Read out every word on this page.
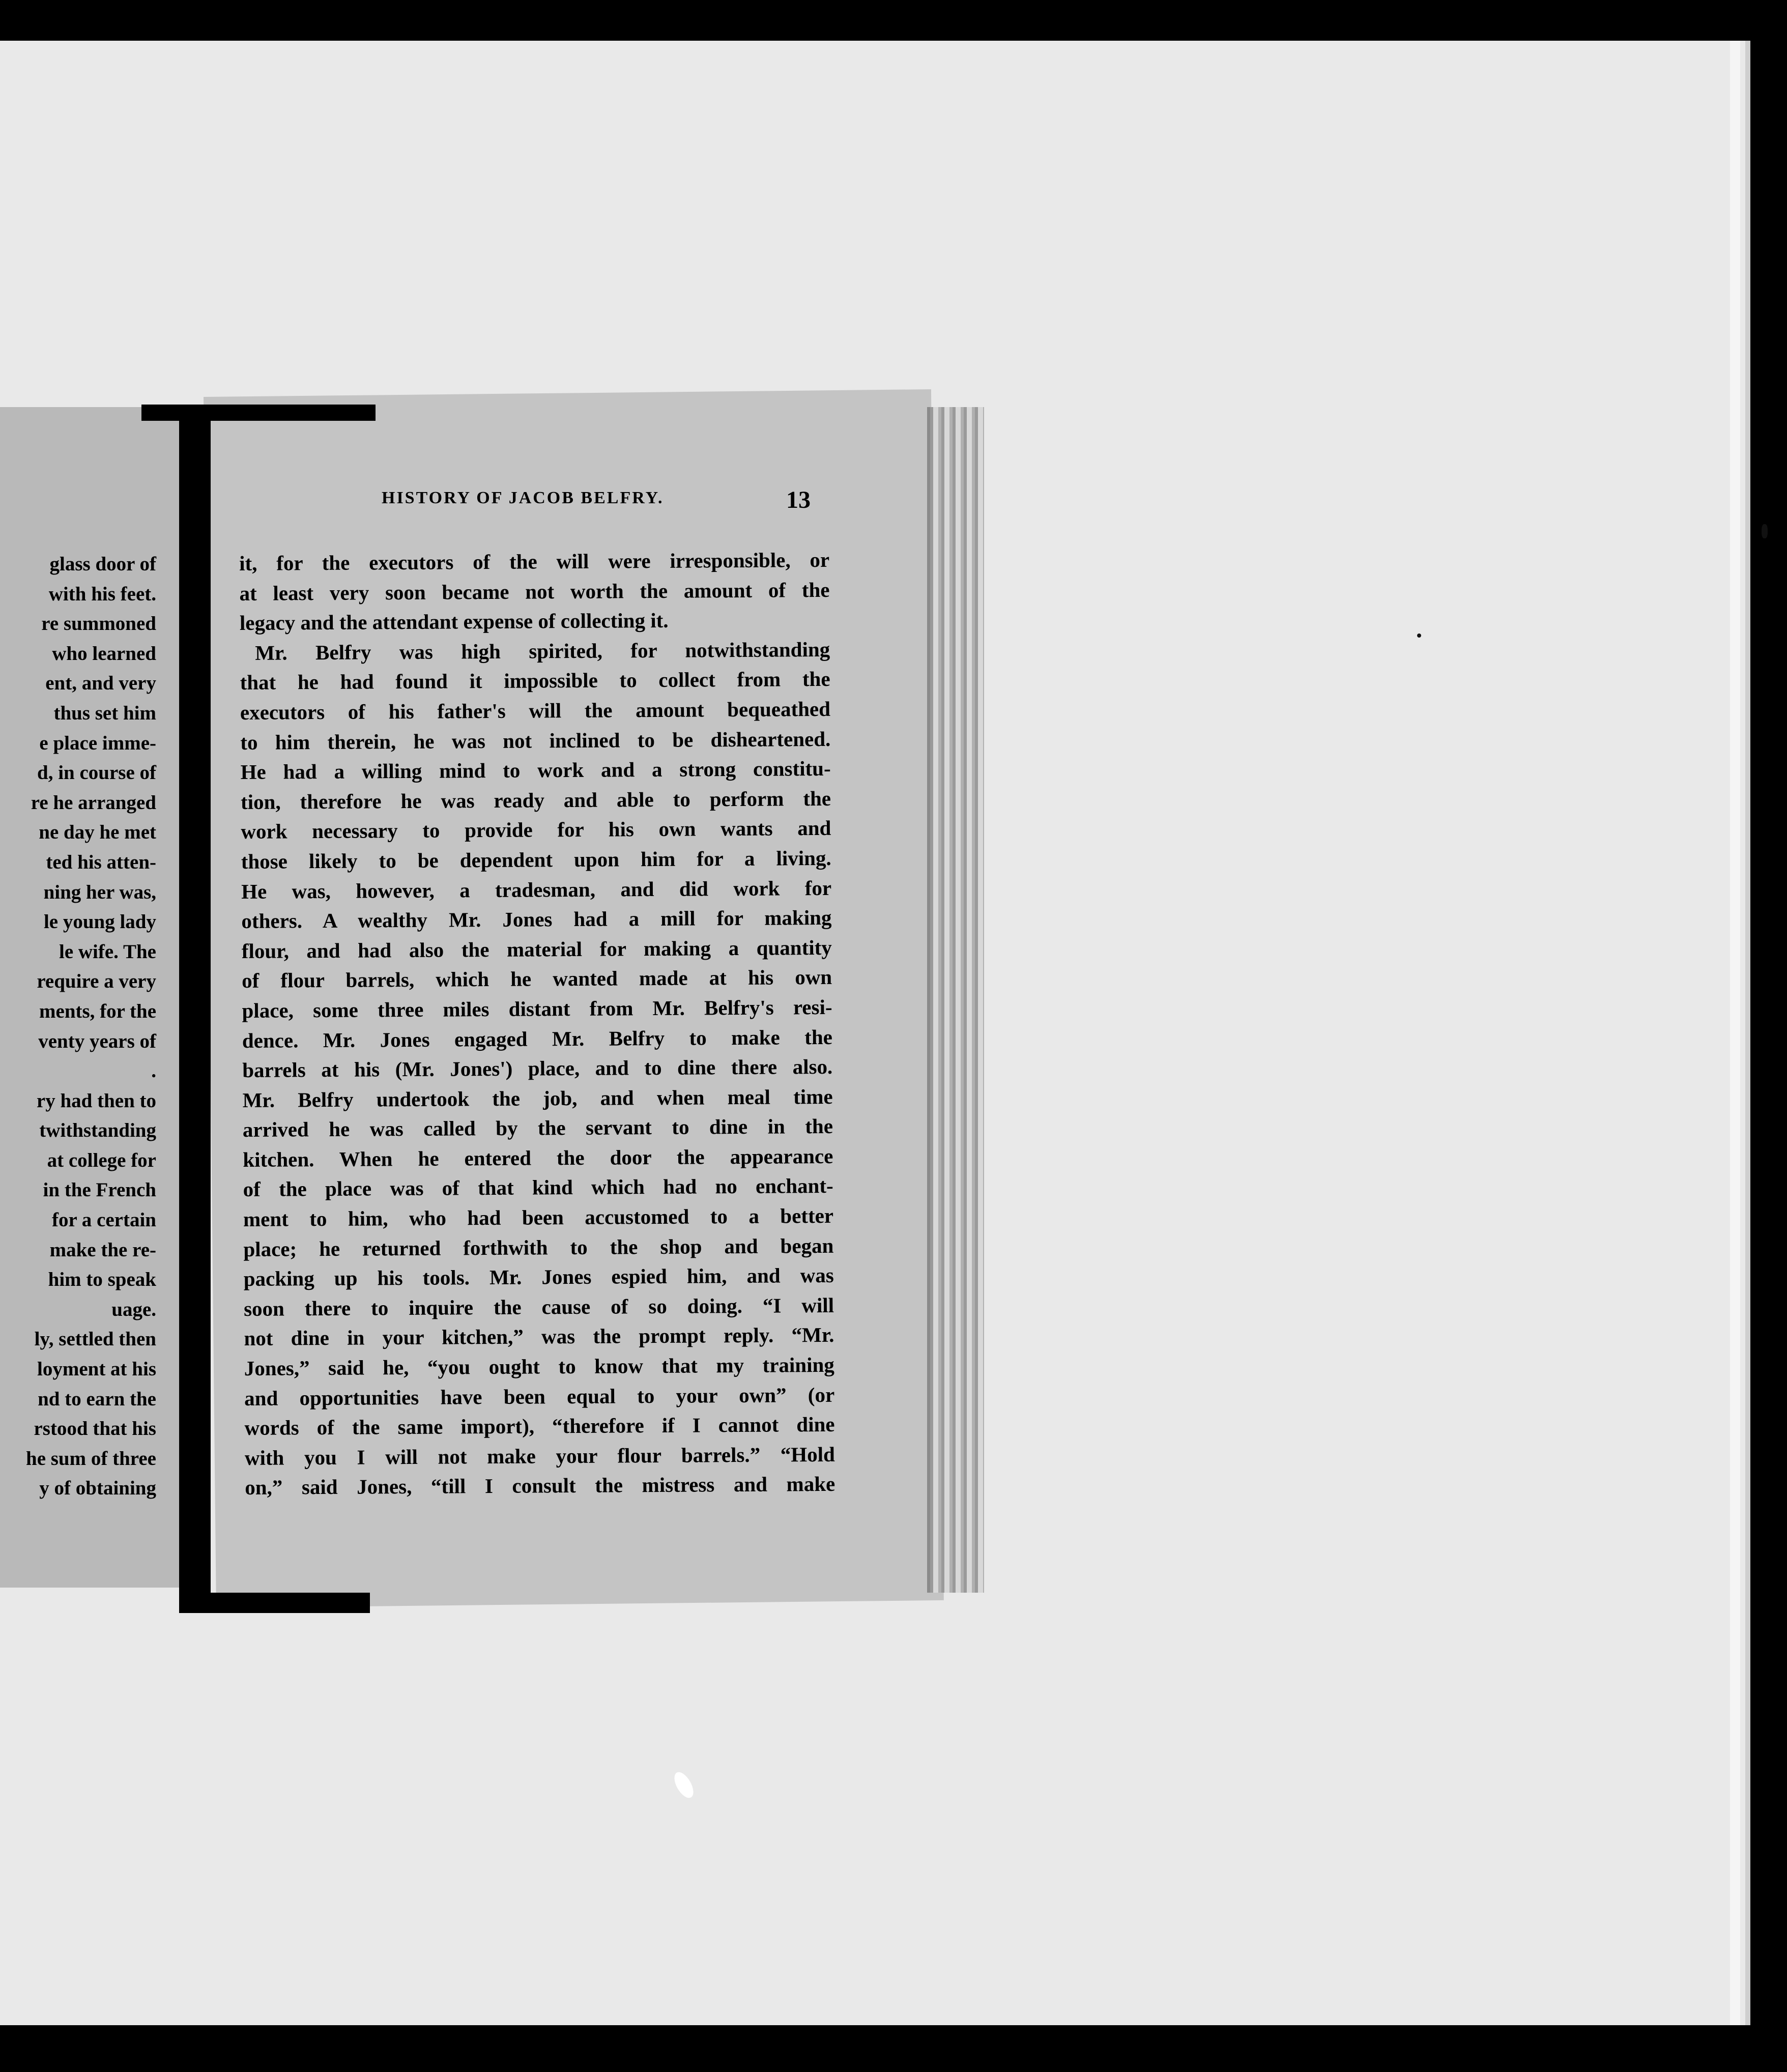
glass door of
with his feet.
re summoned
who learned
ent, and very
thus set him
e place imme-
d, in course of
re he arranged
ne day he met
ted his atten-
ning her was,
le young lady
le wife. The
require a very
ments, for the
venty years of
.
ry had then to
twithstanding
at college for
in the French
for a certain
make the re-
him to speak
uage.
ly, settled then
loyment at his
nd to earn the
rstood that his
he sum of three
y of obtaining
HISTORY OF JACOB BELFRY.	13
it, for the executors of the will were irresponsible, or
at least very soon became not worth the amount of the
legacy and the attendant expense of collecting it.
Mr. Belfry was high spirited, for notwithstanding
that he had found it impossible to collect from the
executors of his father's will the amount bequeathed
to him therein, he was not inclined to be disheartened.
He had a willing mind to work and a strong constitu-
tion, therefore he was ready and able to perform the
work necessary to provide for his own wants and
those likely to be dependent upon him for a living.
He was, however, a tradesman, and did work for
others. A wealthy Mr. Jones had a mill for making
flour, and had also the material for making a quantity
of flour barrels, which he wanted made at his own
place, some three miles distant from Mr. Belfry's resi-
dence. Mr. Jones engaged Mr. Belfry to make the
barrels at his (Mr. Jones') place, and to dine there also.
Mr. Belfry undertook the job, and when meal time
arrived he was called by the servant to dine in the
kitchen. When he entered the door the appearance
of the place was of that kind which had no enchant-
ment to him, who had been accustomed to a better
place; he returned forthwith to the shop and began
packing up his tools. Mr. Jones espied him, and was
soon there to inquire the cause of so doing. “I will
not dine in your kitchen,” was the prompt reply. “Mr.
Jones,” said he, “you ought to know that my training
and opportunities have been equal to your own” (or
words of the same import), “therefore if I cannot dine
with you I will not make your flour barrels.” “Hold
on,” said Jones, “till I consult the mistress and make
